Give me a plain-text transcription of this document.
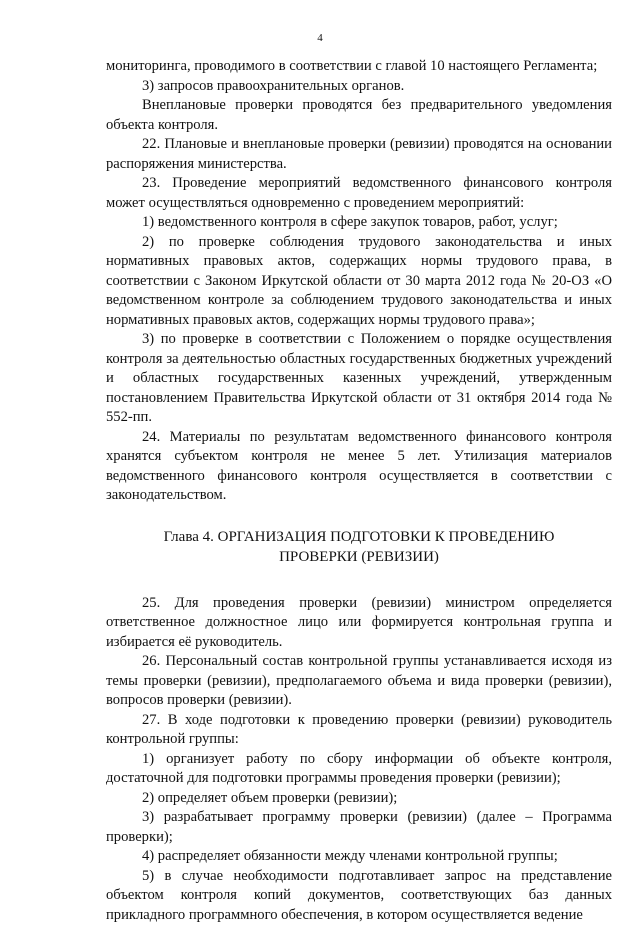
4

мониторинга, проводимого в соответствии с главой 10 настоящего Регламента;

3) запросов правоохранительных органов.

Внеплановые проверки проводятся без предварительного уведомления объекта контроля.

22. Плановые и внеплановые проверки (ревизии) проводятся на основании распоряжения министерства.

23. Проведение мероприятий ведомственного финансового контроля может осуществляться одновременно с проведением мероприятий:

1) ведомственного контроля в сфере закупок товаров, работ, услуг;

2) по проверке соблюдения трудового законодательства и иных нормативных правовых актов, содержащих нормы трудового права, в соответствии с Законом Иркутской области от 30 марта 2012 года № 20-ОЗ «О ведомственном контроле за соблюдением трудового законодательства и иных нормативных правовых актов, содержащих нормы трудового права»;

3) по проверке в соответствии с Положением о порядке осуществления контроля за деятельностью областных государственных бюджетных учреждений и областных государственных казенных учреждений, утвержденным постановлением Правительства Иркутской области от 31 октября 2014 года № 552-пп.

24. Материалы по результатам ведомственного финансового контроля хранятся субъектом контроля не менее 5 лет. Утилизация материалов ведомственного финансового контроля осуществляется в соответствии с законодательством.

Глава 4. ОРГАНИЗАЦИЯ ПОДГОТОВКИ К ПРОВЕДЕНИЮ
ПРОВЕРКИ (РЕВИЗИИ)

25. Для проведения проверки (ревизии) министром определяется ответственное должностное лицо или формируется контрольная группа и избирается её руководитель.

26. Персональный состав контрольной группы устанавливается исходя из темы проверки (ревизии), предполагаемого объема и вида проверки (ревизии), вопросов проверки (ревизии).

27. В ходе подготовки к проведению проверки (ревизии) руководитель контрольной группы:

1) организует работу по сбору информации об объекте контроля, достаточной для подготовки программы проведения проверки (ревизии);

2) определяет объем проверки (ревизии);

3) разрабатывает программу проверки (ревизии) (далее – Программа проверки);

4) распределяет обязанности между членами контрольной группы;

5) в случае необходимости подготавливает запрос на представление объектом контроля копий документов, соответствующих баз данных прикладного программного обеспечения, в котором осуществляется ведение
